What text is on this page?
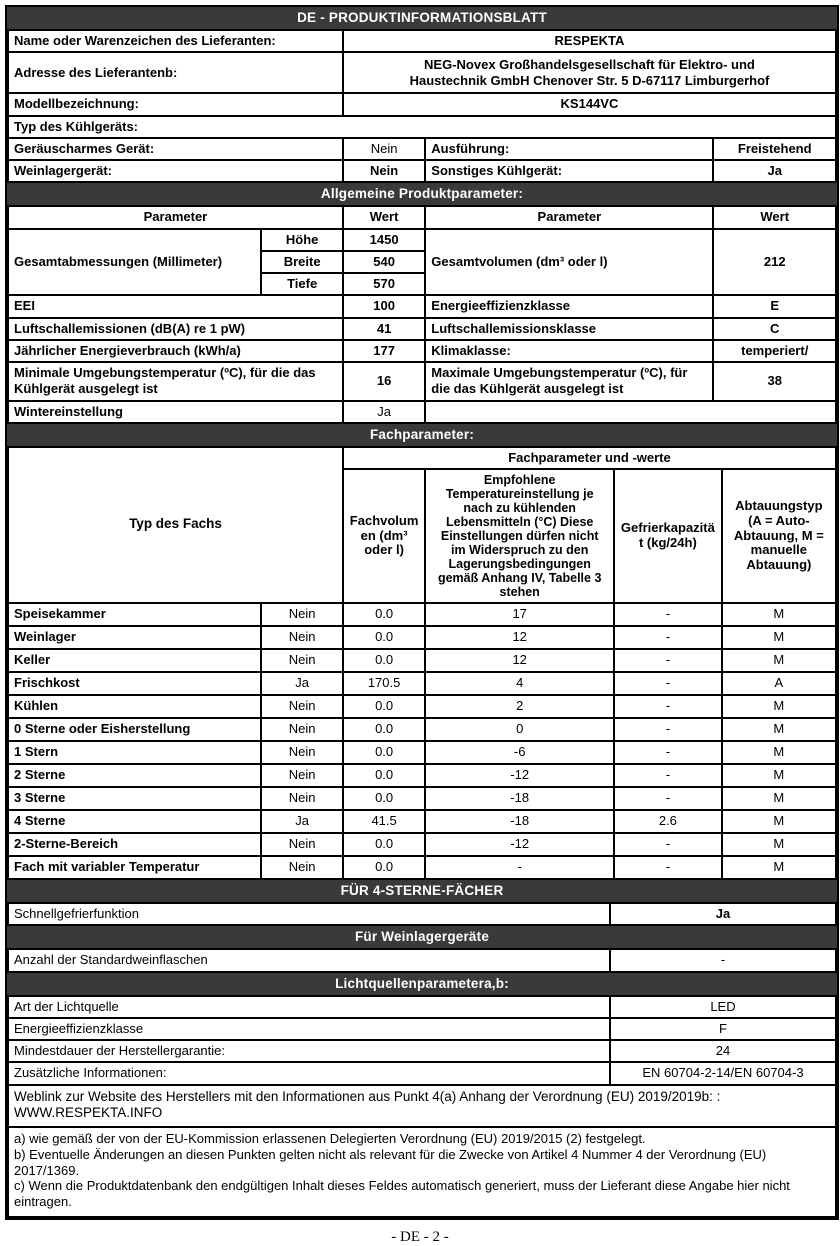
DE - PRODUKTINFORMATIONSBLATT
Name oder Warenzeichen des Lieferanten:	RESPEKTA
Adresse des Lieferantenb:	NEG-Novex Großhandelsgesellschaft für Elektro- und Haustechnik GmbH Chenover Str. 5 D-67117 Limburgerhof
Modellbezeichnung:	KS144VC
Typ des Kühlgeräts:	
Geräuscharmes Gerät:	Nein	Ausführung:	Freistehend
Weinlagergerät:	Nein	Sonstiges Kühlgerät:	Ja
Allgemeine Produktparameter:
Parameter		Wert	Parameter	Wert
Gesamtabmessungen (Millimeter)	Höhe	1450	Gesamtvolumen (dm³ oder l)	212
	Breite	540		
	Tiefe	570		
EEI		100	Energieeffizienzklasse	E
Luftschallemissionen (dB(A) re 1 pW)		41	Luftschallemissionsklasse	C
Jährlicher Energieverbrauch (kWh/a)		177	Klimaklasse:	temperiert/
Minimale Umgebungstemperatur (ºC), für die das Kühlgerät ausgelegt ist		16	Maximale Umgebungstemperatur (ºC), für die das Kühlgerät ausgelegt ist	38
Wintereinstellung		Ja		
Fachparameter:
Typ des Fachs		Fachparameter und -werte			
		Fachvolumen (dm³ oder l)	Empfohlene Temperatureinstellung je nach zu kühlenden Lebensmitteln (°C) Diese Einstellungen dürfen nicht im Widerspruch zu den Lagerungsbedingungen gemäß Anhang IV, Tabelle 3 stehen	Gefrierkapazität (kg/24h)	Abtauungstyp (A = Auto-Abtauung, M = manuelle Abtauung)
Speisekammer	Nein	0.0	17	-	M
Weinlager	Nein	0.0	12	-	M
Keller	Nein	0.0	12	-	M
Frischkost	Ja	170.5	4	-	A
Kühlen	Nein	0.0	2	-	M
0 Sterne oder Eisherstellung	Nein	0.0	0	-	M
1 Stern	Nein	0.0	-6	-	M
2 Sterne	Nein	0.0	-12	-	M
3 Sterne	Nein	0.0	-18	-	M
4 Sterne	Ja	41.5	-18	2.6	M
2-Sterne-Bereich	Nein	0.0	-12	-	M
Fach mit variabler Temperatur	Nein	0.0	-	-	M
FÜR 4-STERNE-FÄCHER
Schnellgefrierfunktion	Ja
Für Weinlagergeräte
Anzahl der Standardweinflaschen	-
Lichtquellenparametera,b:
Art der Lichtquelle	LED
Energieeffizienzklasse	F
Mindestdauer der Herstellergarantie:	24
Zusätzliche Informationen:	EN 60704-2-14/EN 60704-3
Weblink zur Website des Herstellers mit den Informationen aus Punkt 4(a) Anhang der Verordnung (EU) 2019/2019b: : WWW.RESPEKTA.INFO
a) wie gemäß der von der EU-Kommission erlassenen Delegierten Verordnung (EU) 2019/2015 (2) festgelegt.
b) Eventuelle Änderungen an diesen Punkten gelten nicht als relevant für die Zwecke von Artikel 4 Nummer 4 der Verordnung (EU) 2017/1369.
c) Wenn die Produktdatenbank den endgültigen Inhalt dieses Feldes automatisch generiert, muss der Lieferant diese Angabe hier nicht eintragen.
- DE - 2 -
